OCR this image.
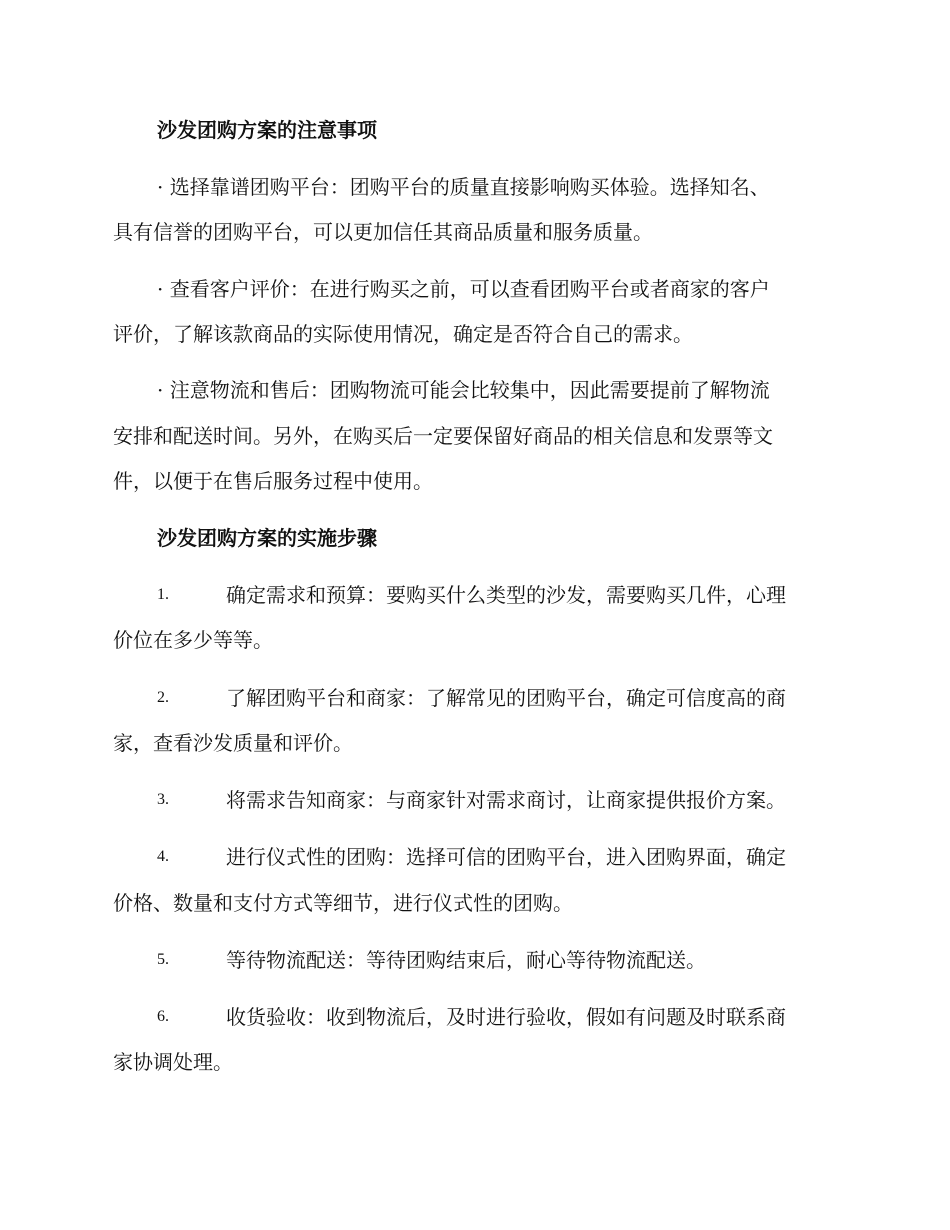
沙发团购方案的注意事项
· 选择靠谱团购平台：团购平台的质量直接影响购买体验。选择知名、
具有信誉的团购平台，可以更加信任其商品质量和服务质量。
· 查看客户评价：在进行购买之前，可以查看团购平台或者商家的客户
评价，了解该款商品的实际使用情况，确定是否符合自己的需求。
· 注意物流和售后：团购物流可能会比较集中，因此需要提前了解物流
安排和配送时间。另外，在购买后一定要保留好商品的相关信息和发票等文
件，以便于在售后服务过程中使用。
沙发团购方案的实施步骤
1.	确定需求和预算：要购买什么类型的沙发，需要购买几件，心理
价位在多少等等。
2.	了解团购平台和商家：了解常见的团购平台，确定可信度高的商
家，查看沙发质量和评价。
3.	将需求告知商家：与商家针对需求商讨，让商家提供报价方案。
4.	进行仪式性的团购：选择可信的团购平台，进入团购界面，确定
价格、数量和支付方式等细节，进行仪式性的团购。
5.	等待物流配送：等待团购结束后，耐心等待物流配送。
6.	收货验收：收到物流后，及时进行验收，假如有问题及时联系商
家协调处理。
